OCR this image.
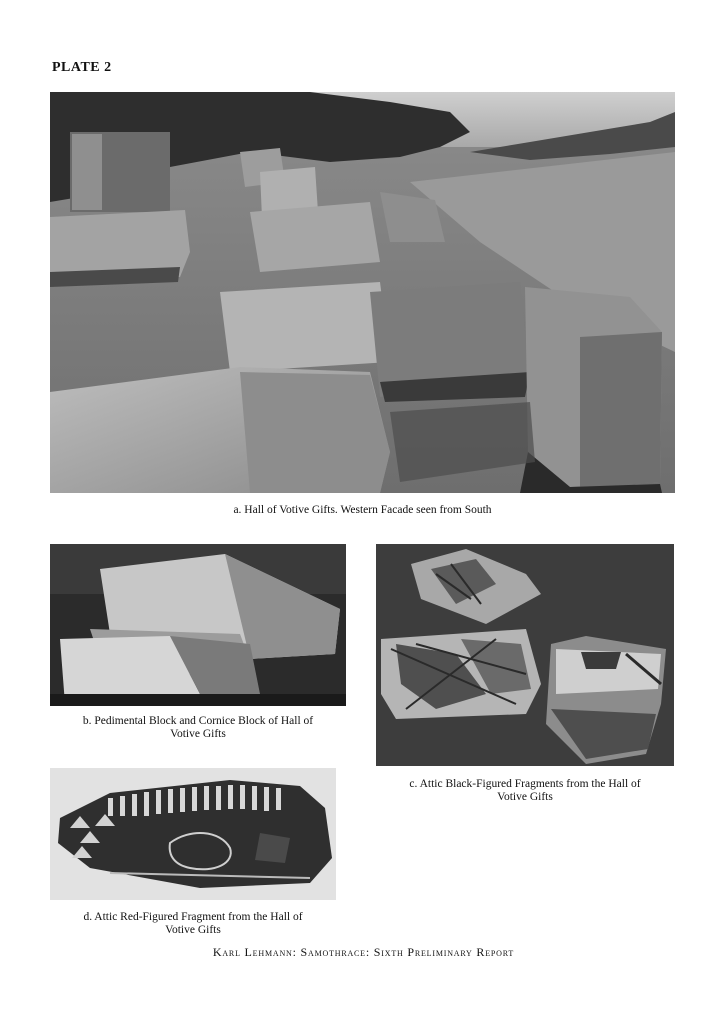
PLATE 2
a. Hall of Votive Gifts. Western Facade seen from South
b. Pedimental Block and Cornice Block of Hall of
Votive Gifts
c. Attic Black-Figured Fragments from the Hall of
Votive Gifts
d. Attic Red-Figured Fragment from the Hall of
Votive Gifts
Karl Lehmann: Samothrace: Sixth Preliminary Report
